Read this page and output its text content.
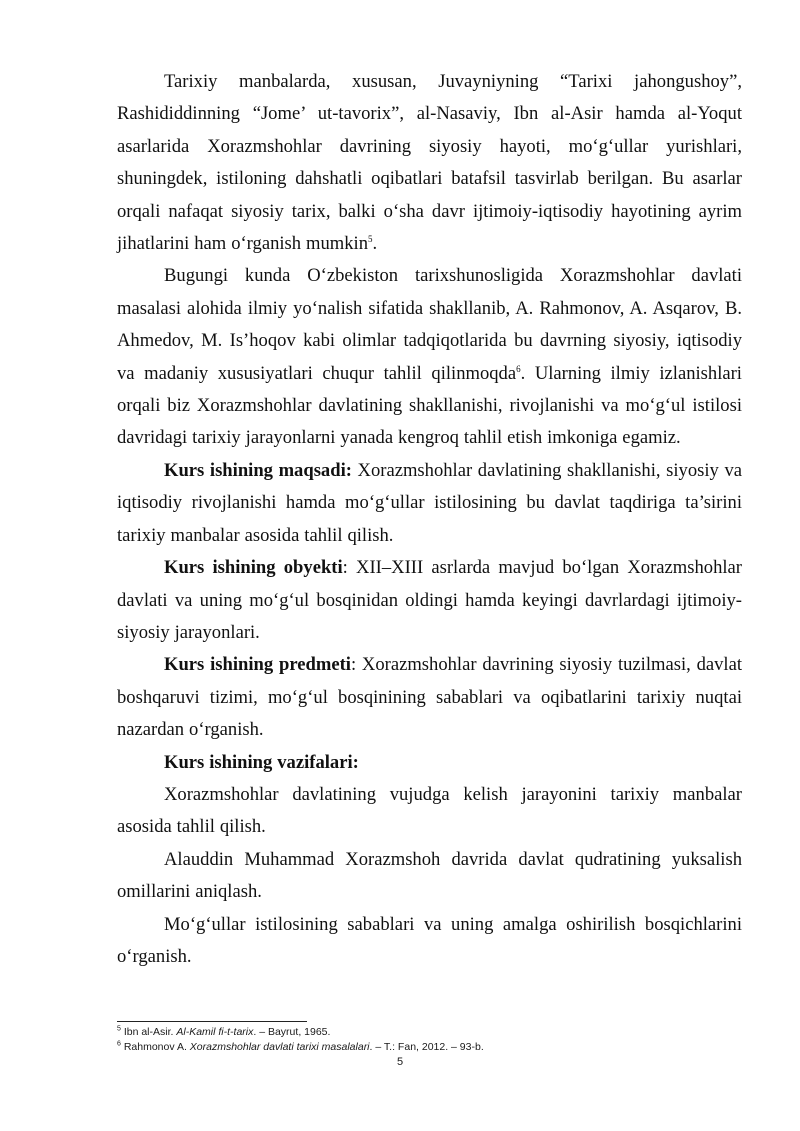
Tarixiy manbalarda, xususan, Juvayniyning “Tarixi jahongushoy”, Rashididdinning “Jome’ ut-tavorix”, al-Nasaviy, Ibn al-Asir hamda al-Yoqut asarlarida Xorazmshohlar davrining siyosiy hayoti, mo‘g‘ullar yurishlari, shuningdek, istiloning dahshatli oqibatlari batafsil tasvirlab berilgan. Bu asarlar orqali nafaqat siyosiy tarix, balki o‘sha davr ijtimoiy-iqtisodiy hayotining ayrim jihatlarini ham o‘rganish mumkin$^5$.

Bugungi kunda O‘zbekiston tarixshunosligida Xorazmshohlar davlati masalasi alohida ilmiy yo‘nalish sifatida shakllanib, A. Rahmonov, A. Asqarov, B. Ahmedov, M. Is’hoqov kabi olimlar tadqiqotlarida bu davrning siyosiy, iqtisodiy va madaniy xususiyatlari chuqur tahlil qilinmoqda$^6$. Ularning ilmiy izlanishlari orqali biz Xorazmshohlar davlatining shakllanishi, rivojlanishi va mo‘g‘ul istilosi davridagi tarixiy jarayonlarni yanada kengroq tahlil etish imkoniga egamiz.

Kurs ishining maqsadi: Xorazmshohlar davlatining shakllanishi, siyosiy va iqtisodiy rivojlanishi hamda mo‘g‘ullar istilosining bu davlat taqdiriga ta’sirini tarixiy manbalar asosida tahlil qilish.

Kurs ishining obyekti: XII–XIII asrlarda mavjud bo‘lgan Xorazmshohlar davlati va uning mo‘g‘ul bosqinidan oldingi hamda keyingi davrlardagi ijtimoiy-siyosiy jarayonlari.

Kurs ishining predmeti: Xorazmshohlar davrining siyosiy tuzilmasi, davlat boshqaruvi tizimi, mo‘g‘ul bosqinining sabablari va oqibatlarini tarixiy nuqtai nazardan o‘rganish.

Kurs ishining vazifalari:

Xorazmshohlar davlatining vujudga kelish jarayonini tarixiy manbalar asosida tahlil qilish.

Alauddin Muhammad Xorazmshoh davrida davlat qudratining yuksalish omillarini aniqlash.

Mo‘g‘ullar istilosining sabablari va uning amalga oshirilish bosqichlarini o‘rganish.

$^5$ Ibn al-Asir. Al-Kamil fi-t-tarix. – Bayrut, 1965.

$^6$ Rahmonov A. Xorazmshohlar davlati tarixi masalalari. – T.: Fan, 2012. – 93-b.

5
